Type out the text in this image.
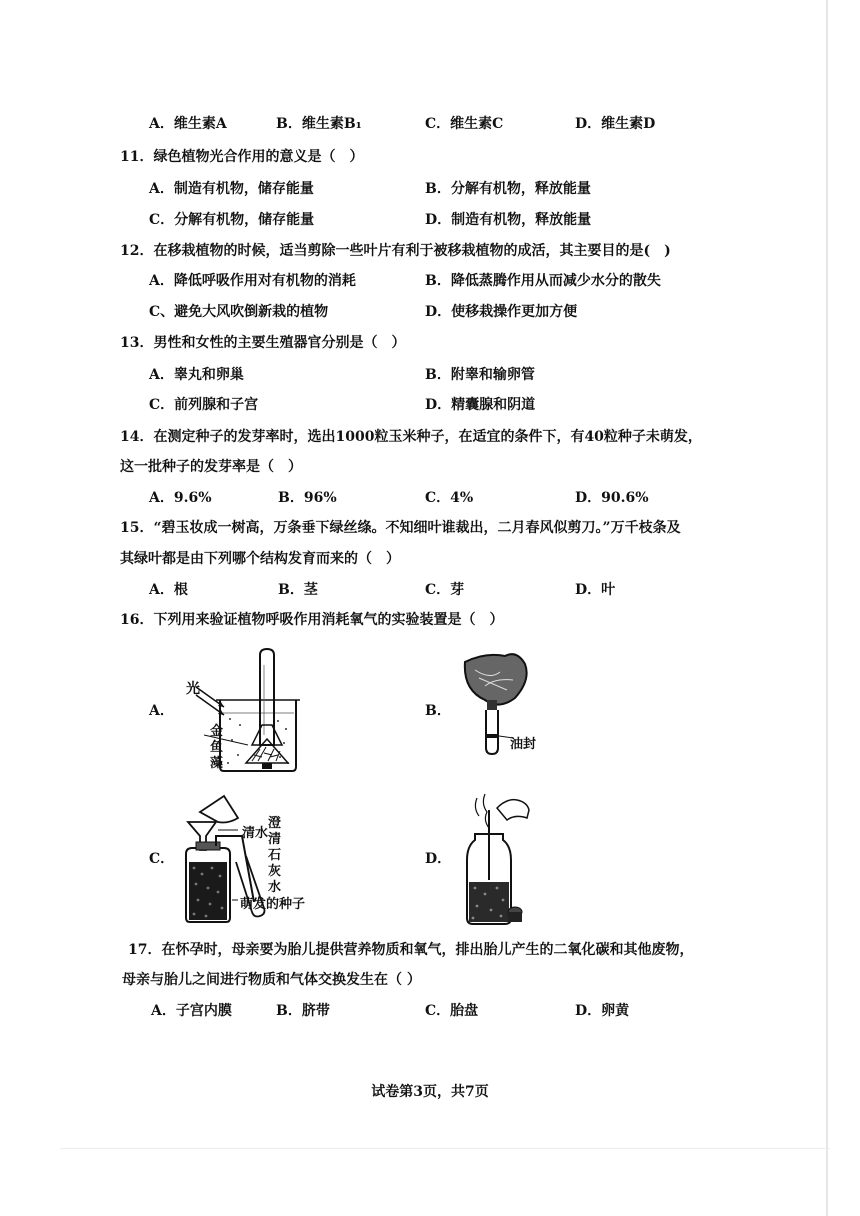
A．维生素A	B．维生素B₁	C．维生素C	D．维生素D
11．绿色植物光合作用的意义是（　）
A．制造有机物，储存能量	B．分解有机物，释放能量
C．分解有机物，储存能量	D．制造有机物，释放能量
12．在移栽植物的时候，适当剪除一些叶片有利于被移栽植物的成活，其主要目的是(　)
A．降低呼吸作用对有机物的消耗	B．降低蒸腾作用从而减少水分的散失
C、避免大风吹倒新栽的植物	D．使移栽操作更加方便
13．男性和女性的主要生殖器官分别是（　）
A．睾丸和卵巢	B．附睾和输卵管
C．前列腺和子宫	D．精囊腺和阴道
14．在测定种子的发芽率时，选出1000粒玉米种子，在适宜的条件下，有40粒种子未萌发，
这一批种子的发芽率是（　）
A．9.6%	B．96%	C．4%	D．90.6%
15．“碧玉妆成一树高，万条垂下绿丝绦。不知细叶谁裁出，二月春风似剪刀。”万千枝条及
其绿叶都是由下列哪个结构发育而来的（　）
A．根	B．茎	C．芽	D．叶
16．下列用来验证植物呼吸作用消耗氧气的实验装置是（　）
A．
光
金
鱼
藻
B．
油封
C．
清水
澄
清
石
灰
水
萌发的种子
D．
17．在怀孕时，母亲要为胎儿提供营养物质和氧气，排出胎儿产生的二氧化碳和其他废物，
母亲与胎儿之间进行物质和气体交换发生在（ ）
A．子宫内膜	B．脐带	C．胎盘	D．卵黄
试卷第3页，共7页
